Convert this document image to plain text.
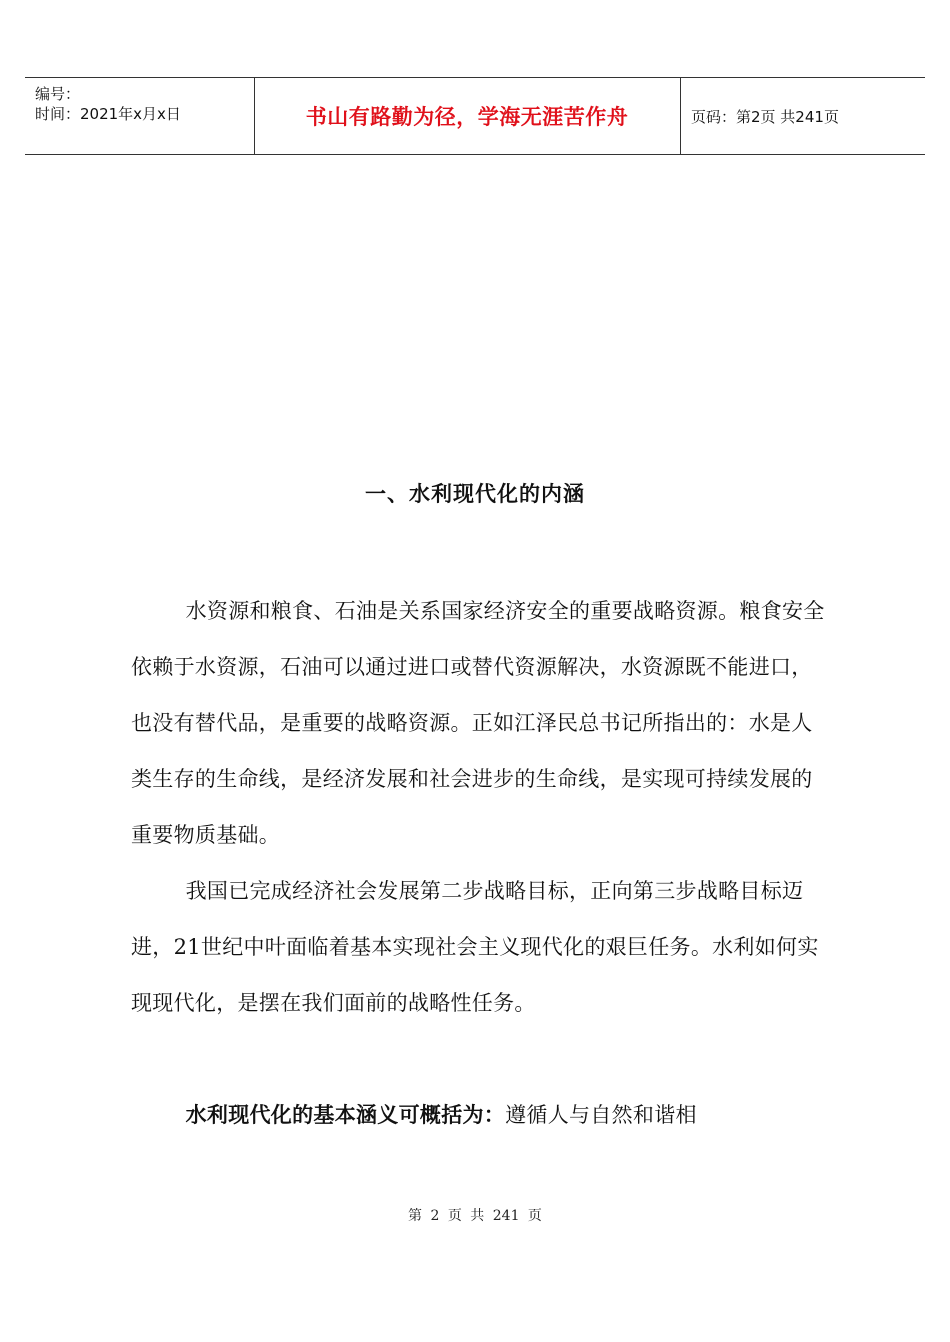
编号：
时间：2021年x月x日	书山有路勤为径，学海无涯苦作舟	页码：第2页 共241页
一、水利现代化的内涵

水资源和粮食、石油是关系国家经济安全的重要战略资源。粮食安全依赖于水资源，石油可以通过进口或替代资源解决，水资源既不能进口，也没有替代品，是重要的战略资源。正如江泽民总书记所指出的：水是人类生存的生命线，是经济发展和社会进步的生命线，是实现可持续发展的重要物质基础。

我国已完成经济社会发展第二步战略目标，正向第三步战略目标迈进，21世纪中叶面临着基本实现社会主义现代化的艰巨任务。水利如何实现现代化，是摆在我们面前的战略性任务。

水利现代化的基本涵义可概括为：遵循人与自然和谐相

第 2 页 共 241 页
